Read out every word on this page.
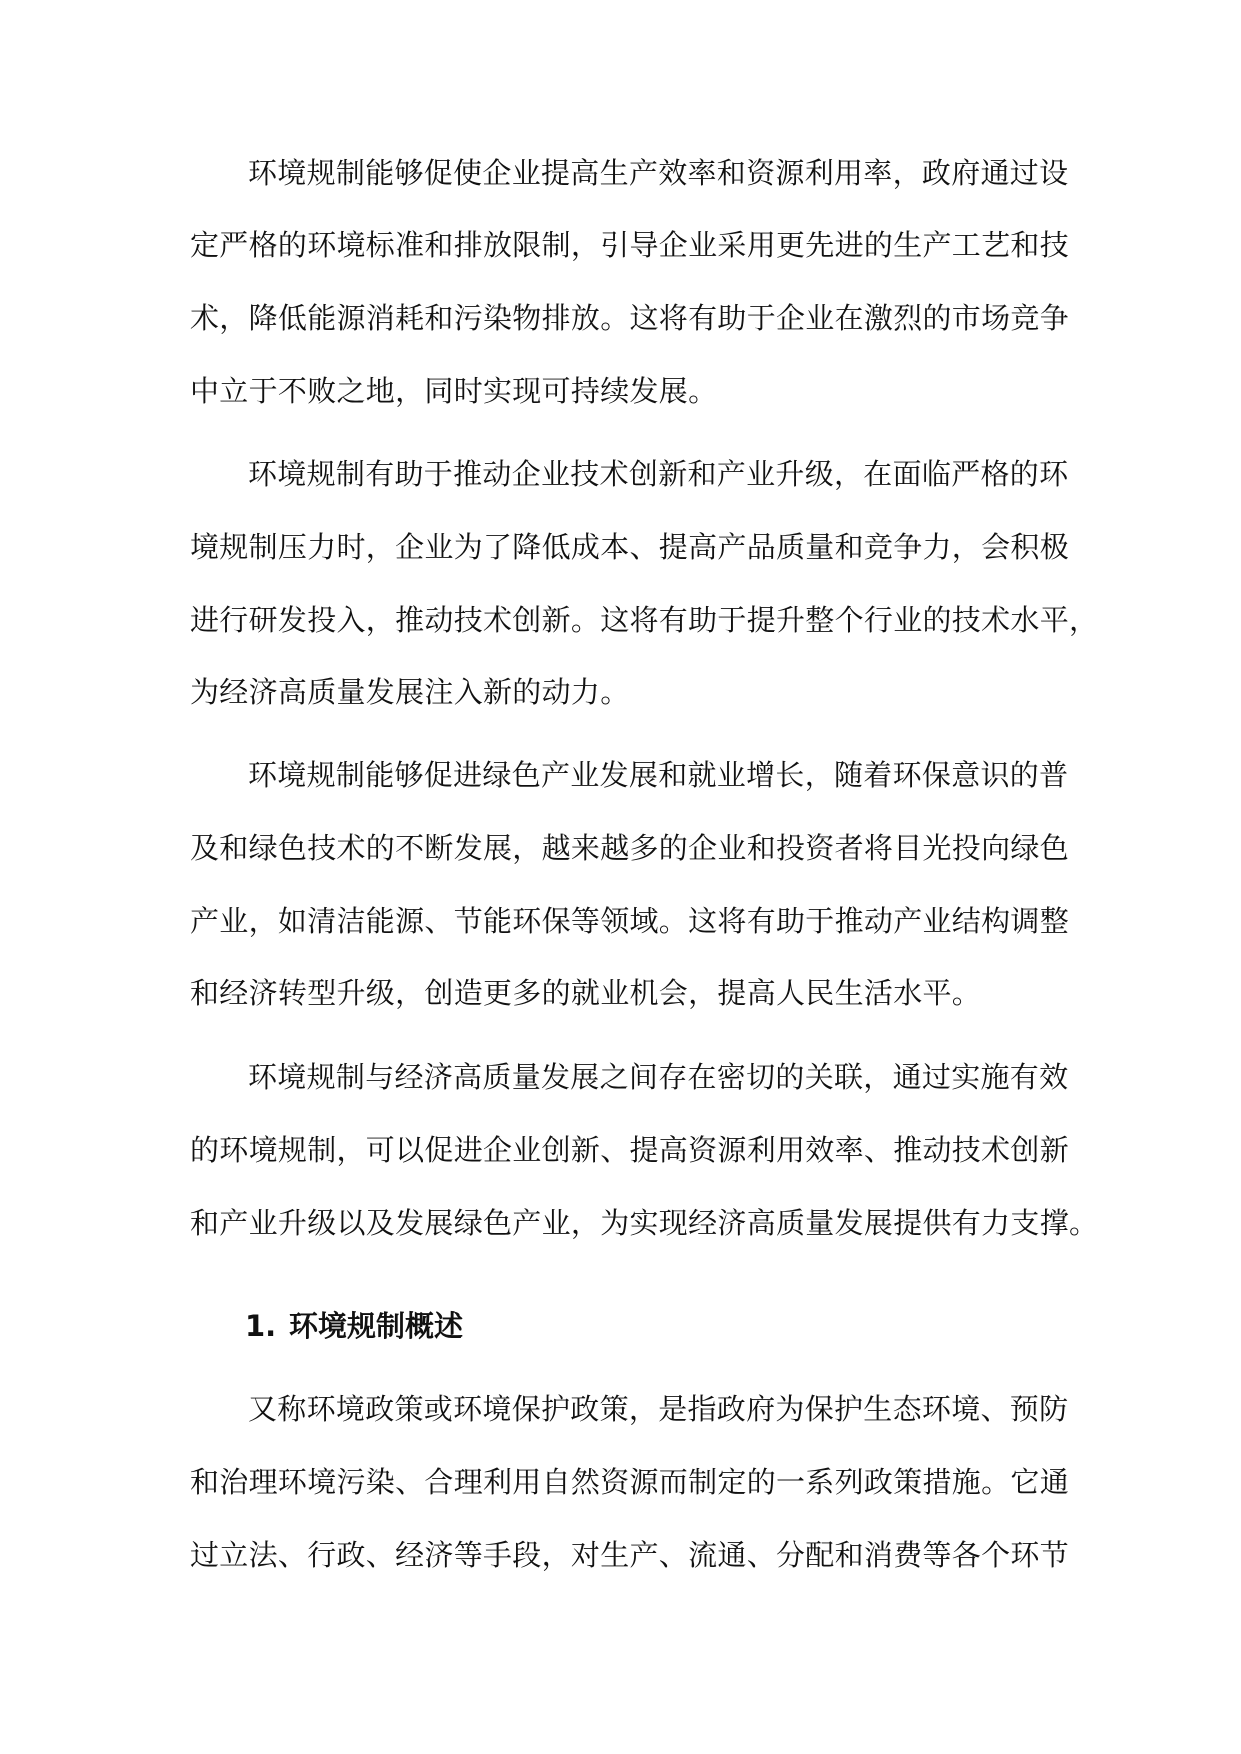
环境规制能够促使企业提高生产效率和资源利用率，政府通过设
定严格的环境标准和排放限制，引导企业采用更先进的生产工艺和技
术，降低能源消耗和污染物排放。这将有助于企业在激烈的市场竞争
中立于不败之地，同时实现可持续发展。
环境规制有助于推动企业技术创新和产业升级，在面临严格的环
境规制压力时，企业为了降低成本、提高产品质量和竞争力，会积极
进行研发投入，推动技术创新。这将有助于提升整个行业的技术水平，
为经济高质量发展注入新的动力。
环境规制能够促进绿色产业发展和就业增长，随着环保意识的普
及和绿色技术的不断发展，越来越多的企业和投资者将目光投向绿色
产业，如清洁能源、节能环保等领域。这将有助于推动产业结构调整
和经济转型升级，创造更多的就业机会，提高人民生活水平。
环境规制与经济高质量发展之间存在密切的关联，通过实施有效
的环境规制，可以促进企业创新、提高资源利用效率、推动技术创新
和产业升级以及发展绿色产业，为实现经济高质量发展提供有力支撑。
1. 环境规制概述
又称环境政策或环境保护政策，是指政府为保护生态环境、预防
和治理环境污染、合理利用自然资源而制定的一系列政策措施。它通
过立法、行政、经济等手段，对生产、流通、分配和消费等各个环节
